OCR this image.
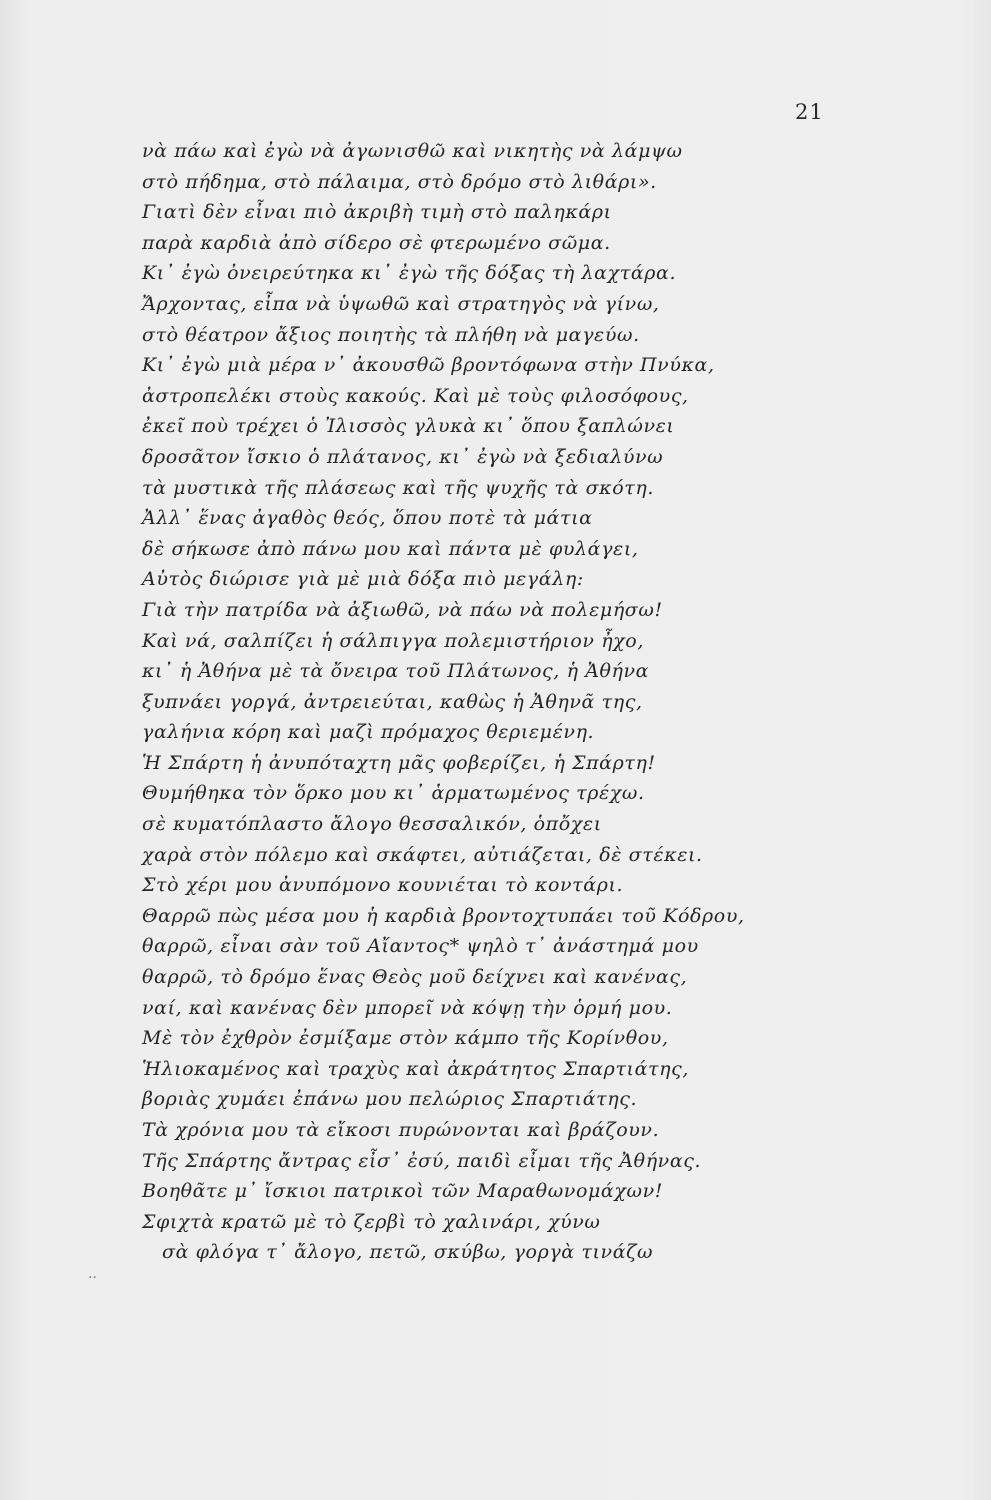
21
νὰ πάω καὶ ἐγὼ νὰ ἀγωνισθῶ καὶ νικητὴς νὰ λάμψω
στὸ πήδημα, στὸ πάλαιμα, στὸ δρόμο στὸ λιθάρι».
Γιατὶ δὲν εἶναι πιὸ ἀκριβὴ τιμὴ στὸ παληκάρι
παρὰ καρδιὰ ἀπὸ σίδερο σὲ φτερωμένο σῶμα.
Κι᾽ ἐγὼ ὀνειρεύτηκα κι᾽ ἐγὼ τῆς δόξας τὴ λαχτάρα.
Ἄρχοντας, εἶπα νὰ ὑψωθῶ καὶ στρατηγὸς νὰ γίνω,
στὸ θέατρον ἄξιος ποιητὴς τὰ πλήθη νὰ μαγεύω.
Κι᾽ ἐγὼ μιὰ μέρα ν᾽ ἀκουσθῶ βροντόφωνα στὴν Πνύκα,
ἀστροπελέκι στοὺς κακούς. Καὶ μὲ τοὺς φιλοσόφους,
ἐκεῖ ποὺ τρέχει ὁ Ἰλισσὸς γλυκὰ κι᾽ ὅπου ξαπλώνει
δροσᾶτον ἴσκιο ὁ πλάτανος, κι᾽ ἐγὼ νὰ ξεδιαλύνω
τὰ μυστικὰ τῆς πλάσεως καὶ τῆς ψυχῆς τὰ σκότη.
Ἀλλ᾽ ἕνας ἀγαθὸς θεός, ὅπου ποτὲ τὰ μάτια
δὲ σήκωσε ἀπὸ πάνω μου καὶ πάντα μὲ φυλάγει,
Αὐτὸς διώρισε γιὰ μὲ μιὰ δόξα πιὸ μεγάλη:
Γιὰ τὴν πατρίδα νὰ ἀξιωθῶ, νὰ πάω νὰ πολεμήσω!
Καὶ νά, σαλπίζει ἡ σάλπιγγα πολεμιστήριον ἦχο,
κι᾽ ἡ Ἀθήνα μὲ τὰ ὄνειρα τοῦ Πλάτωνος, ἡ Ἀθήνα
ξυπνάει γοργά, ἀντρειεύται, καθὼς ἡ Ἀθηνᾶ της,
γαλήνια κόρη καὶ μαζὶ πρόμαχος θεριεμένη.
Ἡ Σπάρτη ἡ ἀνυπόταχτη μᾶς φοβερίζει, ἡ Σπάρτη!
Θυμήθηκα τὸν ὅρκο μου κι᾽ ἁρματωμένος τρέχω.
σὲ κυματόπλαστο ἄλογο θεσσαλικόν, ὁπὄχει
χαρὰ στὸν πόλεμο καὶ σκάφτει, αὐτιάζεται, δὲ στέκει.
Στὸ χέρι μου ἀνυπόμονο κουνιέται τὸ κοντάρι.
Θαρρῶ πὼς μέσα μου ἡ καρδιὰ βροντοχτυπάει τοῦ Κόδρου,
θαρρῶ, εἶναι σὰν τοῦ Αἴαντος* ψηλὸ τ᾽ ἀνάστημά μου
θαρρῶ, τὸ δρόμο ἕνας Θεὸς μοῦ δείχνει καὶ κανένας,
ναί, καὶ κανένας δὲν μπορεῖ νὰ κόψῃ τὴν ὁρμή μου.
Μὲ τὸν ἐχθρὸν ἐσμίξαμε στὸν κάμπο τῆς Κορίνθου,
Ἡλιοκαμένος καὶ τραχὺς καὶ ἀκράτητος Σπαρτιάτης,
βοριὰς χυμάει ἐπάνω μου πελώριος Σπαρτιάτης.
Τὰ χρόνια μου τὰ εἴκοσι πυρώνονται καὶ βράζουν.
Τῆς Σπάρτης ἄντρας εἶσ᾽ ἐσύ, παιδὶ εἶμαι τῆς Ἀθήνας.
Βοηθᾶτε μ᾽ ἴσκιοι πατρικοὶ τῶν Μαραθωνομάχων!
Σφιχτὰ κρατῶ μὲ τὸ ζερβὶ τὸ χαλινάρι, χύνω
σὰ φλόγα τ᾽ ἄλογο, πετῶ, σκύβω, γοργὰ τινάζω
··
